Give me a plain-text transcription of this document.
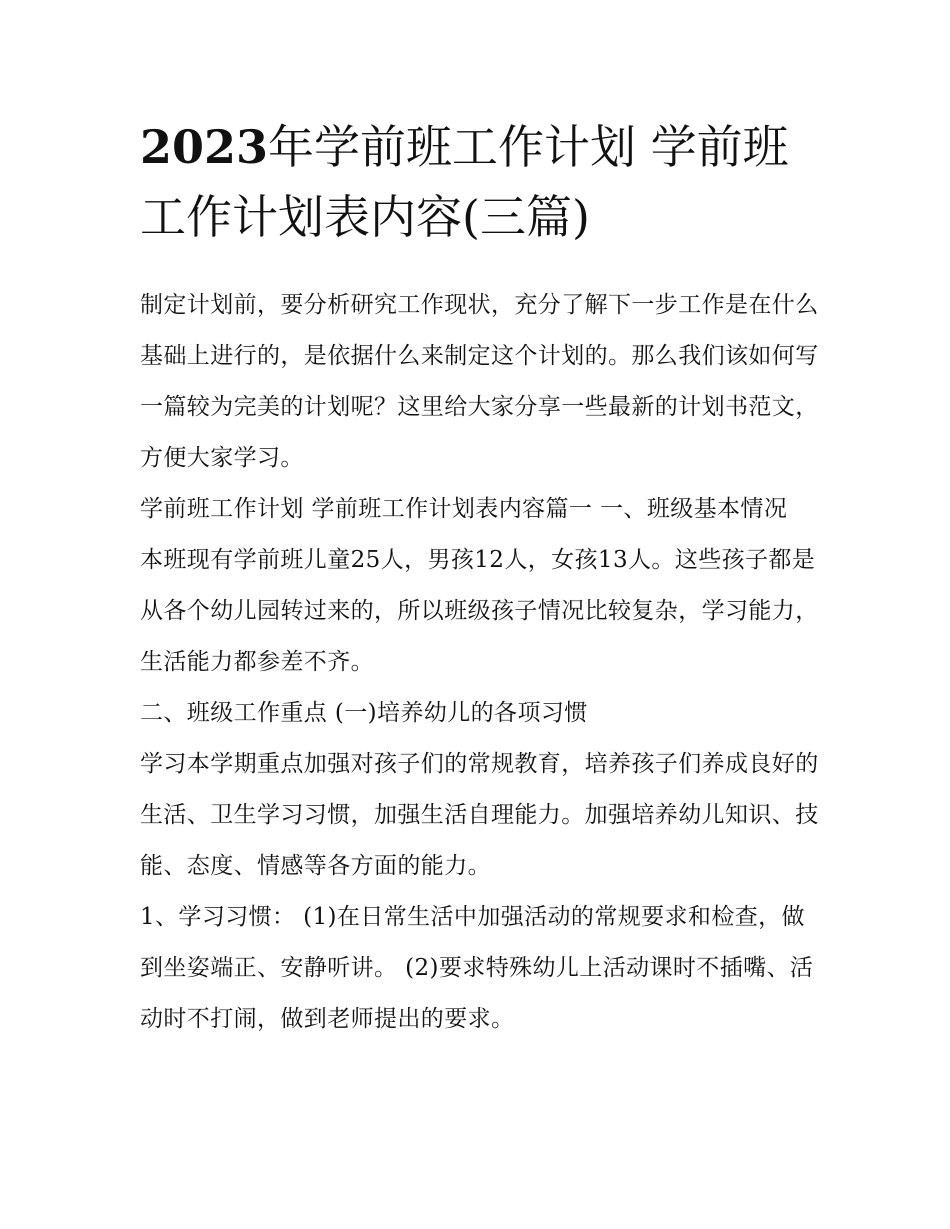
2023年学前班工作计划 学前班工作计划表内容(三篇)

制定计划前，要分析研究工作现状，充分了解下一步工作是在什么基础上进行的，是依据什么来制定这个计划的。那么我们该如何写一篇较为完美的计划呢？这里给大家分享一些最新的计划书范文，方便大家学习。

学前班工作计划 学前班工作计划表内容篇一 一、班级基本情况

本班现有学前班儿童25人，男孩12人，女孩13人。这些孩子都是从各个幼儿园转过来的，所以班级孩子情况比较复杂，学习能力，生活能力都参差不齐。

二、班级工作重点 (一)培养幼儿的各项习惯

学习本学期重点加强对孩子们的常规教育，培养孩子们养成良好的生活、卫生学习习惯，加强生活自理能力。加强培养幼儿知识、技能、态度、情感等各方面的能力。

1、学习习惯： (1)在日常生活中加强活动的常规要求和检查，做到坐姿端正、安静听讲。 (2)要求特殊幼儿上活动课时不插嘴、活动时不打闹，做到老师提出的要求。
